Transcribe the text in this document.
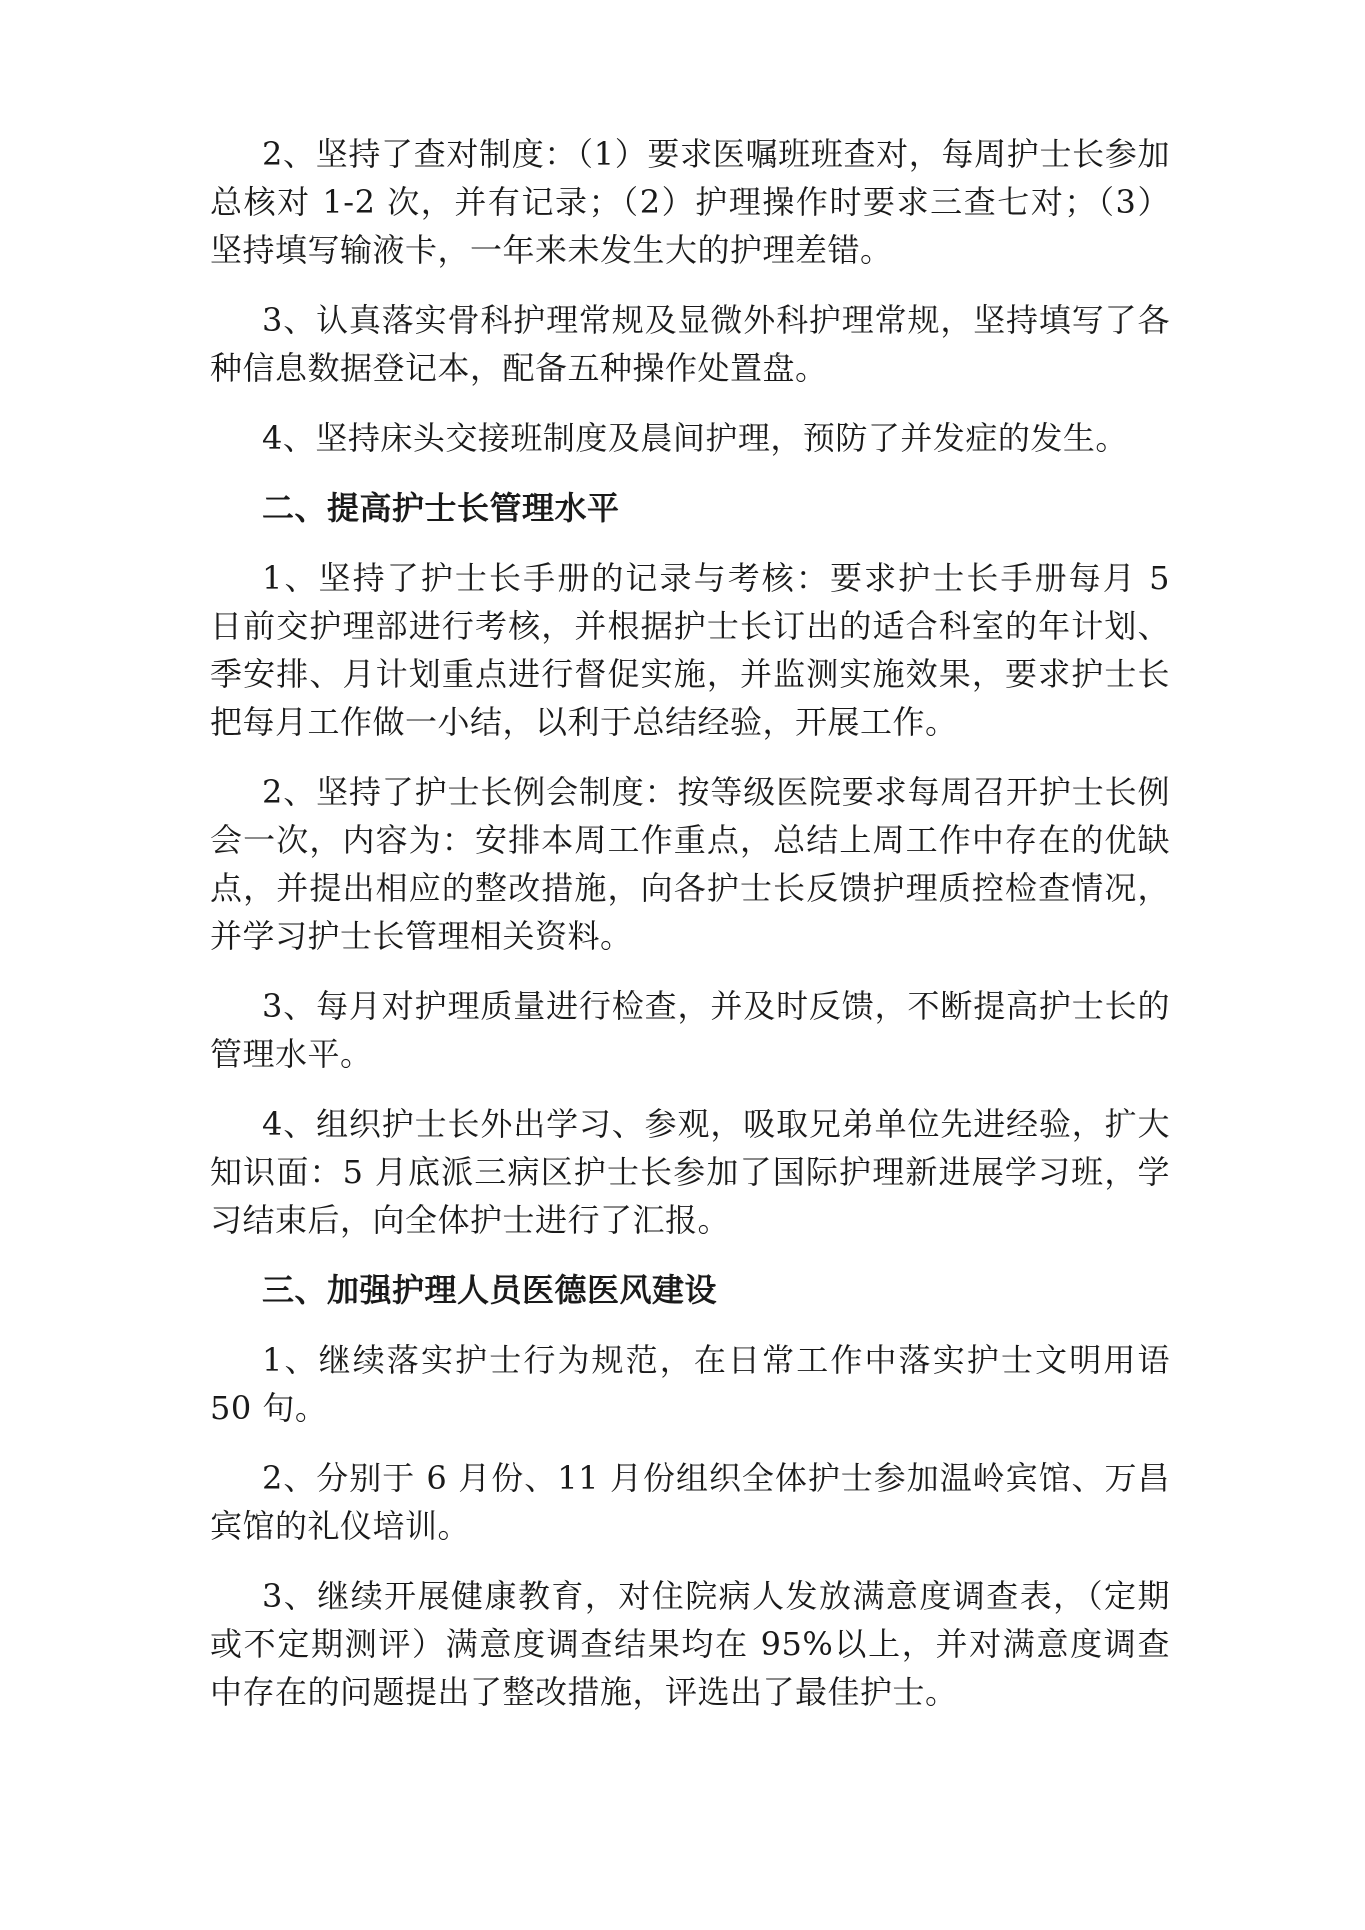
2、坚持了查对制度：（1）要求医嘱班班查对，每周护士长参加总核对 1-2 次，并有记录；（2）护理操作时要求三查七对；（3）坚持填写输液卡，一年来未发生大的护理差错。

3、认真落实骨科护理常规及显微外科护理常规，坚持填写了各种信息数据登记本，配备五种操作处置盘。

4、坚持床头交接班制度及晨间护理，预防了并发症的发生。

二、提高护士长管理水平

1、坚持了护士长手册的记录与考核：要求护士长手册每月 5 日前交护理部进行考核，并根据护士长订出的适合科室的年计划、季安排、月计划重点进行督促实施，并监测实施效果，要求护士长把每月工作做一小结，以利于总结经验，开展工作。

2、坚持了护士长例会制度：按等级医院要求每周召开护士长例会一次，内容为：安排本周工作重点，总结上周工作中存在的优缺点，并提出相应的整改措施，向各护士长反馈护理质控检查情况，并学习护士长管理相关资料。

3、每月对护理质量进行检查，并及时反馈，不断提高护士长的管理水平。

4、组织护士长外出学习、参观，吸取兄弟单位先进经验，扩大知识面：5 月底派三病区护士长参加了国际护理新进展学习班，学习结束后，向全体护士进行了汇报。

三、加强护理人员医德医风建设

1、继续落实护士行为规范，在日常工作中落实护士文明用语 50 句。

2、分别于 6 月份、11 月份组织全体护士参加温岭宾馆、万昌宾馆的礼仪培训。

3、继续开展健康教育，对住院病人发放满意度调查表，（定期或不定期测评）满意度调查结果均在 95%以上，并对满意度调查中存在的问题提出了整改措施，评选出了最佳护士。
